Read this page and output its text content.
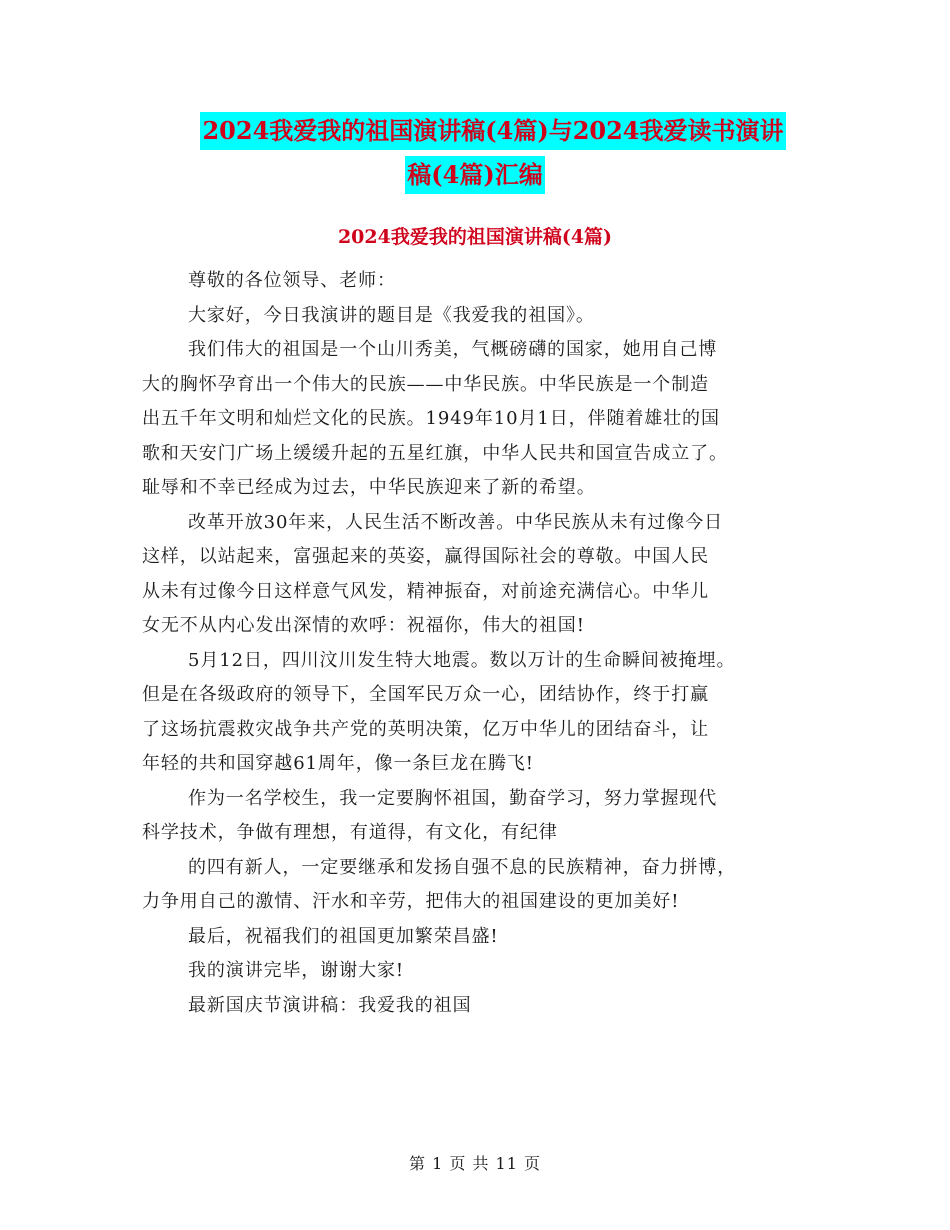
2024我爱我的祖国演讲稿(4篇)与2024我爱读书演讲
稿(4篇)汇编
2024我爱我的祖国演讲稿(4篇)

尊敬的各位领导、老师：

大家好，今日我演讲的题目是《我爱我的祖国》。

我们伟大的祖国是一个山川秀美，气概磅礴的国家，她用自己博

大的胸怀孕育出一个伟大的民族——中华民族。中华民族是一个制造

出五千年文明和灿烂文化的民族。1949年10月1日，伴随着雄壮的国

歌和天安门广场上缓缓升起的五星红旗，中华人民共和国宣告成立了。

耻辱和不幸已经成为过去，中华民族迎来了新的希望。

改革开放30年来，人民生活不断改善。中华民族从未有过像今日

这样，以站起来，富强起来的英姿，赢得国际社会的尊敬。中国人民

从未有过像今日这样意气风发，精神振奋，对前途充满信心。中华儿

女无不从内心发出深情的欢呼：祝福你，伟大的祖国!

5月12日，四川汶川发生特大地震。数以万计的生命瞬间被掩埋。

但是在各级政府的领导下，全国军民万众一心，团结协作，终于打赢

了这场抗震救灾战争共产党的英明决策，亿万中华儿的团结奋斗，让

年轻的共和国穿越61周年，像一条巨龙在腾飞!

作为一名学校生，我一定要胸怀祖国，勤奋学习，努力掌握现代

科学技术，争做有理想，有道得，有文化，有纪律

的四有新人，一定要继承和发扬自强不息的民族精神，奋力拼博，

力争用自己的激情、汗水和辛劳，把伟大的祖国建设的更加美好!

最后，祝福我们的祖国更加繁荣昌盛!

我的演讲完毕，谢谢大家!

最新国庆节演讲稿：我爱我的祖国

第 1 页 共 11 页
